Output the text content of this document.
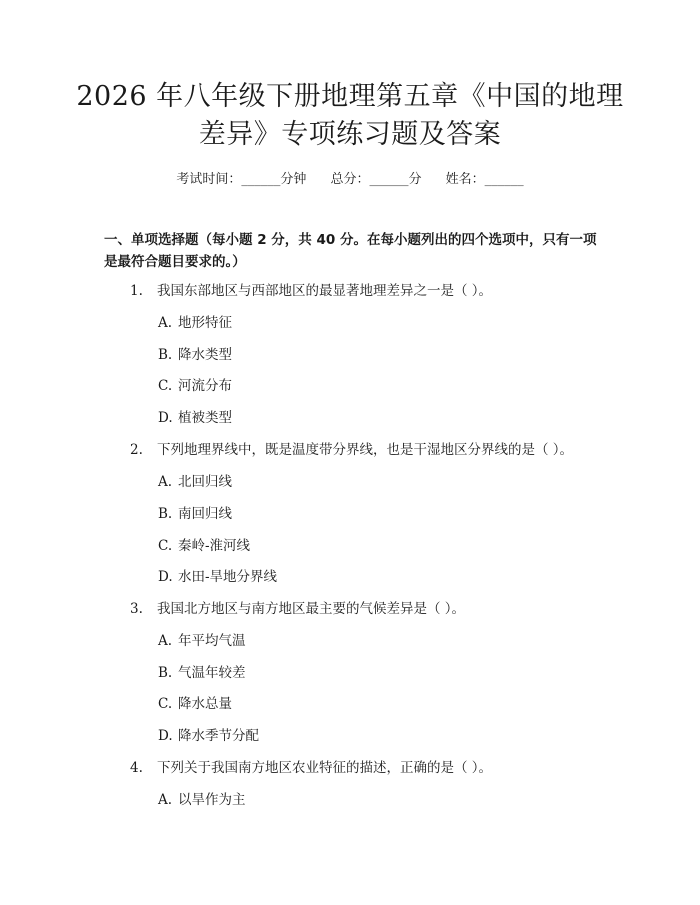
2026 年八年级下册地理第五章《中国的地理
差异》专项练习题及答案
考试时间：______分钟 总分：______分 姓名：______
一、单项选择题（每小题 2 分，共 40 分。在每小题列出的四个选项中，只有一项是最符合题目要求的。）
1.	我国东部地区与西部地区的最显著地理差异之一是（ ）。
A. 地形特征
B. 降水类型
C. 河流分布
D. 植被类型
2.	下列地理界线中，既是温度带分界线，也是干湿地区分界线的是（ ）。
A. 北回归线
B. 南回归线
C. 秦岭-淮河线
D. 水田-旱地分界线
3.	我国北方地区与南方地区最主要的气候差异是（ ）。
A. 年平均气温
B. 气温年较差
C. 降水总量
D. 降水季节分配
4.	下列关于我国南方地区农业特征的描述，正确的是（ ）。
A. 以旱作为主
